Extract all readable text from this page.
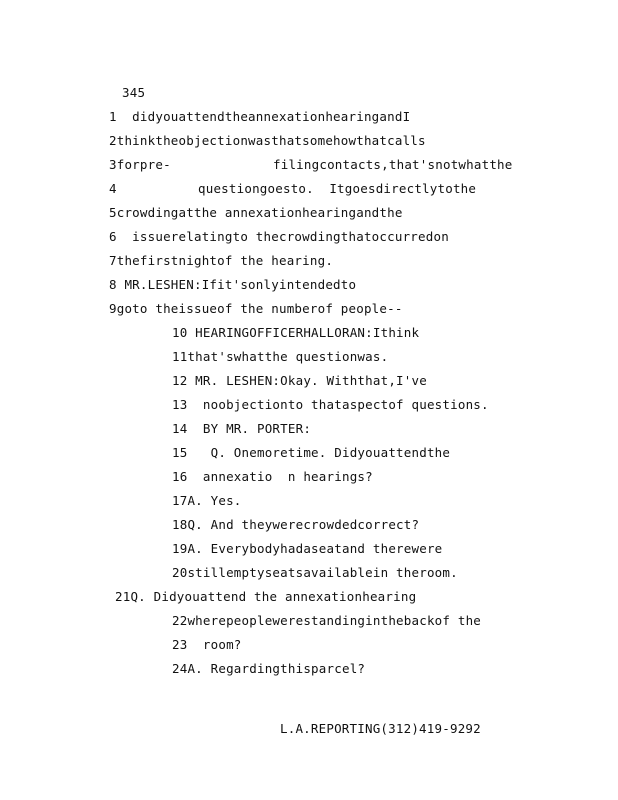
345
1  didyouattendtheannexationhearingandI
2thinktheobjectionwasthatsomehowthatcalls
3forpre-	filingcontacts,that'snotwhatthe
4	questiongoesto.  Itgoesdirectlytothe
5crowdingatthe annexationhearingandthe
6  issuerelatingto thecrowdingthatoccurredon
7thefirstnightof the hearing.
8 MR.LESHEN:Ifit'sonlyintendedto
9goto theissueof the numberof people--
10 HEARINGOFFICERHALLORAN:Ithink
11that'swhatthe questionwas.
12 MR. LESHEN:Okay. Withthat,I've
13  noobjectionto thataspectof questions.
14  BY MR. PORTER:
15   Q. Onemoretime. Didyouattendthe
16  annexatio  n hearings?
17A. Yes.
18Q. And theywerecrowdedcorrect?
19A. Everybodyhadaseatand therewere
20stillemptyseatsavailablein theroom.
21Q. Didyouattend the annexationhearing
22wherepeoplewerestandinginthebackof the
23  room?
24A. Regardingthisparcel?
L.A.REPORTING(312)419-9292
